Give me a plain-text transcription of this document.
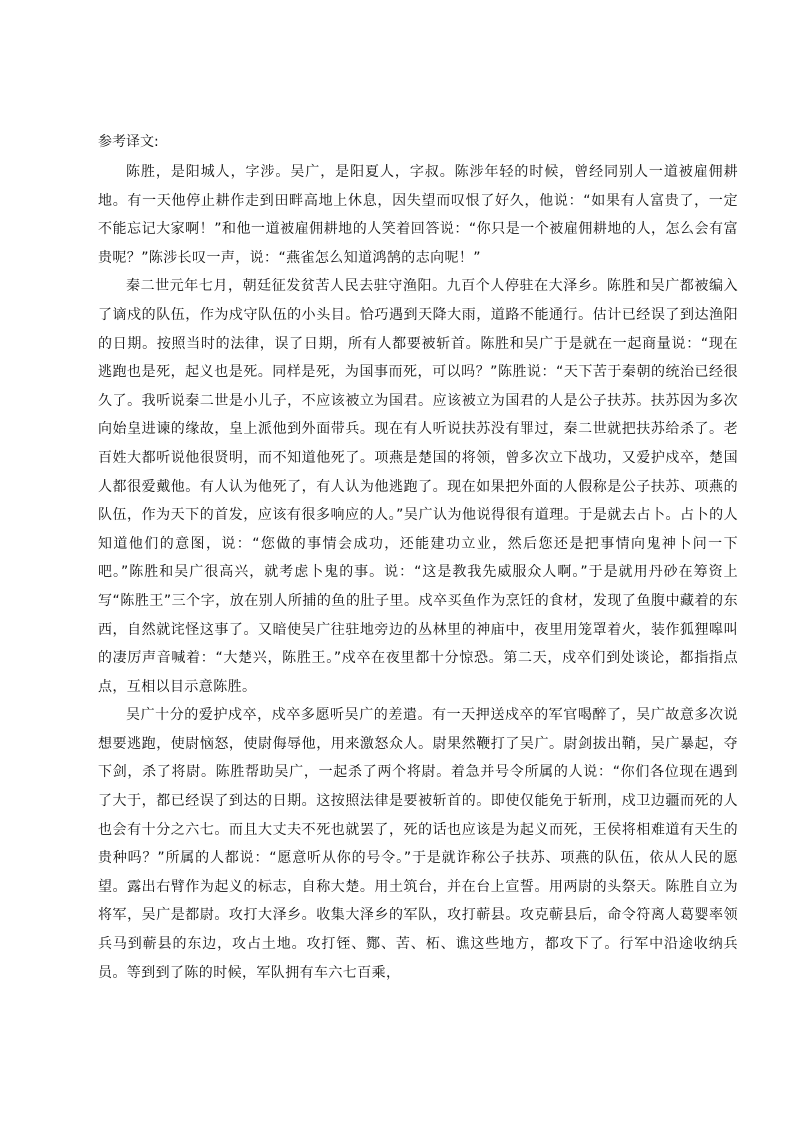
参考译文:

陈胜，是阳城人，字涉。吴广，是阳夏人，字叔。陈涉年轻的时候，曾经同别人一道被雇佣耕地。有一天他停止耕作走到田畔高地上休息，因失望而叹恨了好久，他说：“如果有人富贵了，一定不能忘记大家啊！”和他一道被雇佣耕地的人笑着回答说：“你只是一个被雇佣耕地的人，怎么会有富贵呢？”陈涉长叹一声，说：“燕雀怎么知道鸿鹄的志向呢！”

秦二世元年七月，朝廷征发贫苦人民去驻守渔阳。九百个人停驻在大泽乡。陈胜和吴广都被编入了谪戍的队伍，作为戍守队伍的小头目。恰巧遇到天降大雨，道路不能通行。估计已经误了到达渔阳的日期。按照当时的法律，误了日期，所有人都要被斩首。陈胜和吴广于是就在一起商量说：“现在逃跑也是死，起义也是死。同样是死，为国事而死，可以吗？”陈胜说：“天下苦于秦朝的统治已经很久了。我听说秦二世是小儿子，不应该被立为国君。应该被立为国君的人是公子扶苏。扶苏因为多次向始皇进谏的缘故，皇上派他到外面带兵。现在有人听说扶苏没有罪过，秦二世就把扶苏给杀了。老百姓大都听说他很贤明，而不知道他死了。项燕是楚国的将领，曾多次立下战功，又爱护戍卒，楚国人都很爱戴他。有人认为他死了，有人认为他逃跑了。现在如果把外面的人假称是公子扶苏、项燕的队伍，作为天下的首发，应该有很多响应的人。”吴广认为他说得很有道理。于是就去占卜。占卜的人知道他们的意图，说：“您做的事情会成功，还能建功立业，然后您还是把事情向鬼神卜问一下吧。”陈胜和吴广很高兴，就考虑卜鬼的事。说：“这是教我先威服众人啊。”于是就用丹砂在筹资上写“陈胜王”三个字，放在别人所捕的鱼的肚子里。戍卒买鱼作为烹饪的食材，发现了鱼腹中藏着的东西，自然就诧怪这事了。又暗使吴广往驻地旁边的丛林里的神庙中，夜里用笼罩着火，装作狐狸嗥叫的凄厉声音喊着：“大楚兴，陈胜王。”戍卒在夜里都十分惊恐。第二天，戍卒们到处谈论，都指指点点，互相以目示意陈胜。

吴广十分的爱护戍卒，戍卒多愿听吴广的差遣。有一天押送戍卒的军官喝醉了，吴广故意多次说想要逃跑，使尉恼怒，使尉侮辱他，用来激怒众人。尉果然鞭打了吴广。尉剑拔出鞘，吴广暴起，夺下剑，杀了将尉。陈胜帮助吴广，一起杀了两个将尉。着急并号令所属的人说：“你们各位现在遇到了大于，都已经误了到达的日期。这按照法律是要被斩首的。即使仅能免于斩刑，戍卫边疆而死的人也会有十分之六七。而且大丈夫不死也就罢了，死的话也应该是为起义而死，王侯将相难道有天生的贵种吗？”所属的人都说：“愿意听从你的号令。”于是就诈称公子扶苏、项燕的队伍，依从人民的愿望。露出右臂作为起义的标志，自称大楚。用土筑台，并在台上宣誓。用两尉的头祭天。陈胜自立为将军，吴广是都尉。攻打大泽乡。收集大泽乡的军队，攻打蕲县。攻克蕲县后，命令符离人葛婴率领兵马到蕲县的东边，攻占土地。攻打铚、酂、苦、柘、谯这些地方，都攻下了。行军中沿途收纳兵员。等到到了陈的时候，军队拥有车六七百乘，
